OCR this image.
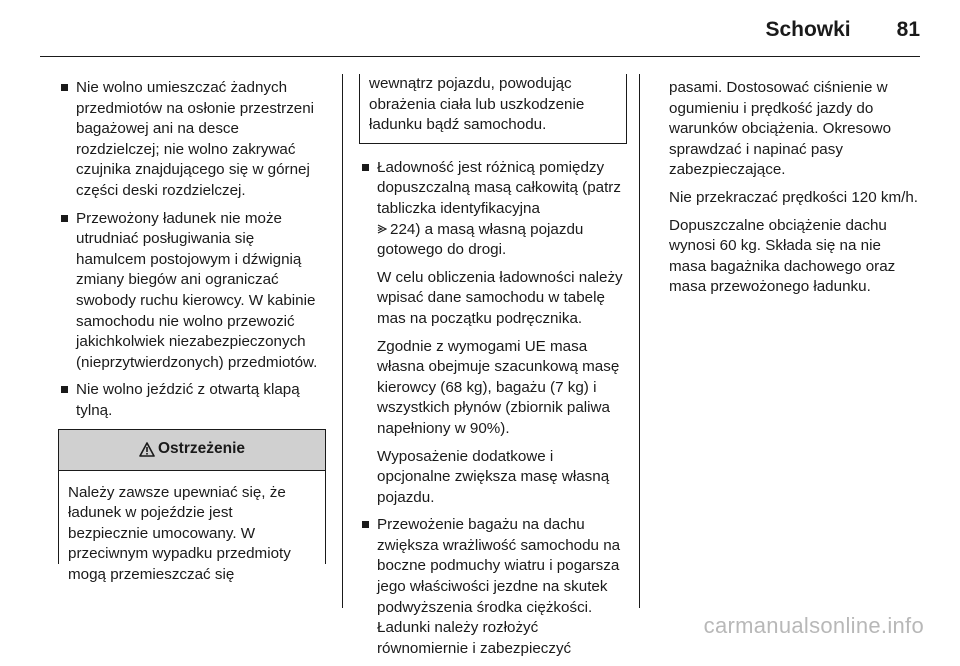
Schowki 81
Nie wolno umieszczać żadnych przedmiotów na osłonie przestrzeni bagażowej ani na desce rozdzielczej; nie wolno zakrywać czujnika znajdującego się w górnej części deski rozdzielczej.
Przewożony ładunek nie może utrudniać posługiwania się hamulcem postojowym i dźwignią zmiany biegów ani ograniczać swobody ruchu kierowcy. W kabinie samochodu nie wolno przewozić jakichkolwiek niezabezpieczonych (nieprzytwierdzonych) przedmiotów.
Nie wolno jeździć z otwartą klapą tylną.
Ostrzeżenie
Należy zawsze upewniać się, że ładunek w pojeździe jest bezpiecznie umocowany. W przeciwnym wypadku przedmioty mogą przemieszczać się
wewnątrz pojazdu, powodując obrażenia ciała lub uszkodzenie ładunku bądź samochodu.

Ładowność jest różnicą pomiędzy dopuszczalną masą całkowitą (patrz tabliczka identyfikacyjna
224) a masą własną pojazdu gotowego do drogi.

W celu obliczenia ładowności należy wpisać dane samochodu w tabelę mas na początku podręcznika.

Zgodnie z wymogami UE masa własna obejmuje szacunkową masę kierowcy (68 kg), bagażu (7 kg) i wszystkich płynów (zbiornik paliwa napełniony w 90%).

Wyposażenie dodatkowe i opcjonalne zwiększa masę własną pojazdu.

Przewożenie bagażu na dachu zwiększa wrażliwość samochodu na boczne podmuchy wiatru i pogarsza jego właściwości jezdne na skutek podwyższenia środka ciężkości. Ładunki należy rozłożyć równomiernie i zabezpieczyć

pasami. Dostosować ciśnienie w ogumieniu i prędkość jazdy do warunków obciążenia. Okresowo sprawdzać i napinać pasy zabezpieczające.

Nie przekraczać prędkości 120 km/h.

Dopuszczalne obciążenie dachu wynosi 60 kg. Składa się na nie masa bagażnika dachowego oraz masa przewożonego ładunku.

carmanualsonline.info
